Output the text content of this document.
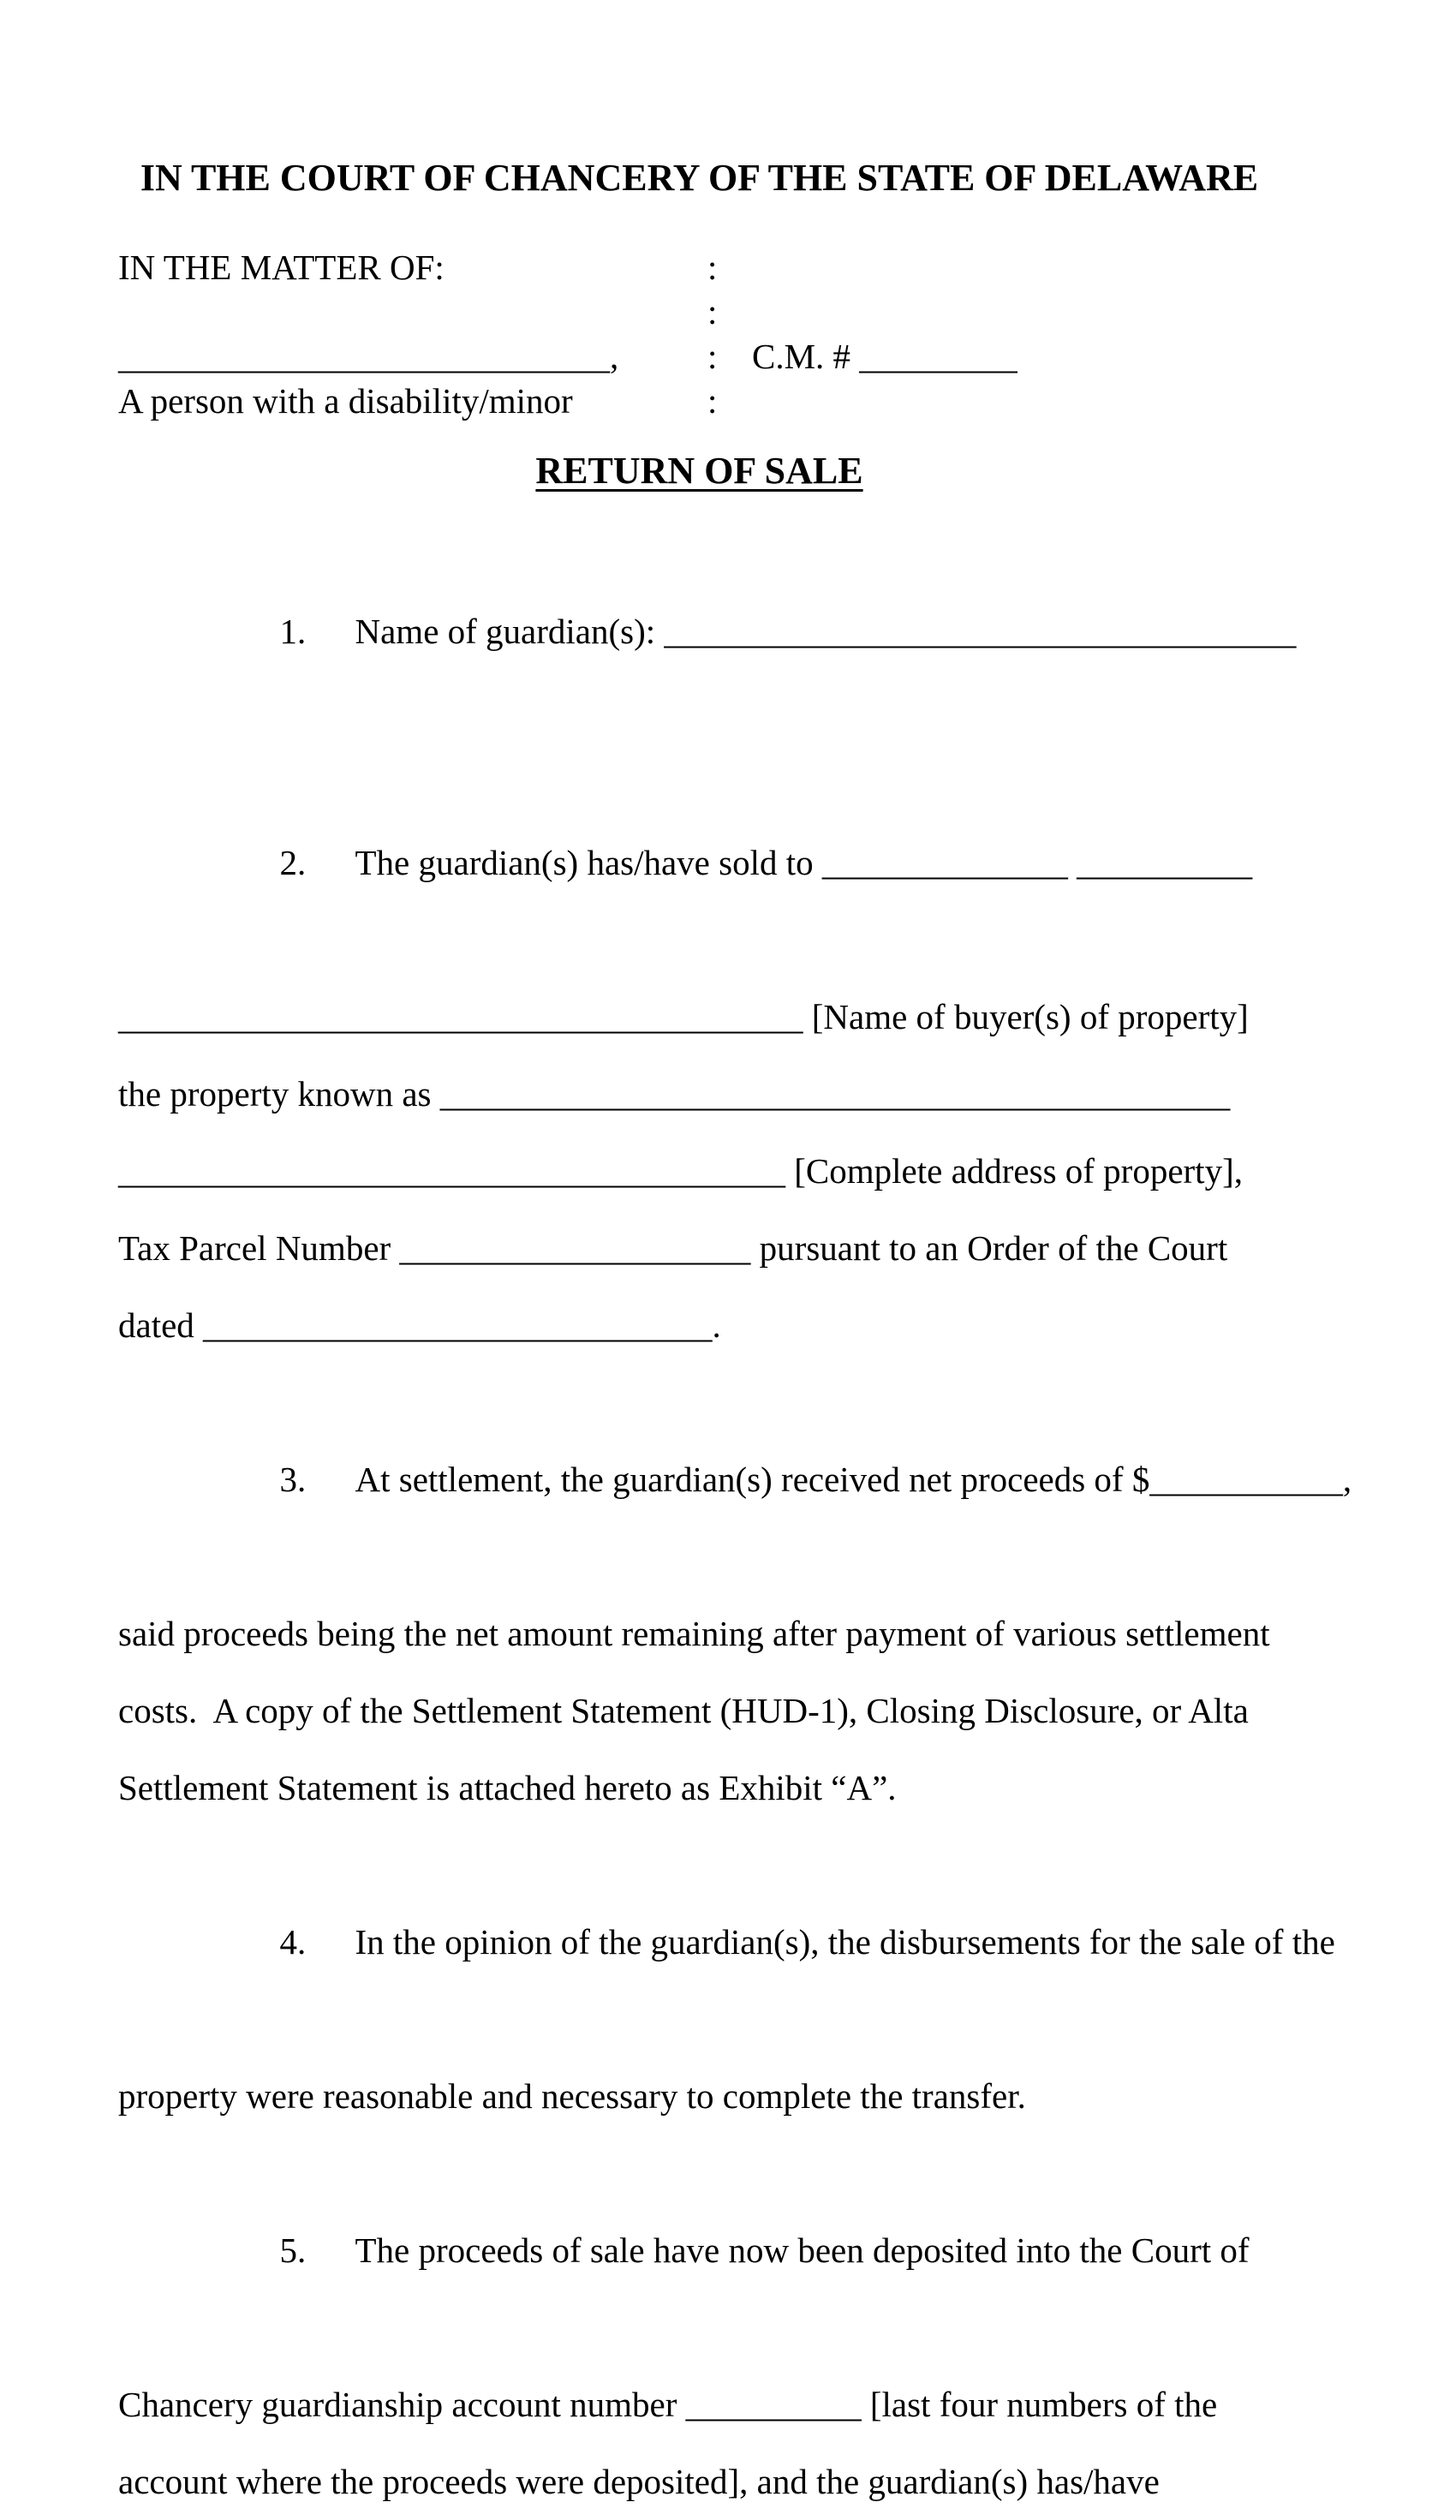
IN THE COURT OF CHANCERY OF THE STATE OF DELAWARE
IN THE MATTER OF:	:
:
____________________________,	: C.M. # _________
A person with a disability/minor	:
RETURN OF SALE

1. Name of guardian(s): ____________________________________

2. The guardian(s) has/have sold to ______________ __________

_______________________________________ [Name of buyer(s) of property]
the property known as _____________________________________________
______________________________________ [Complete address of property],
Tax Parcel Number ____________________ pursuant to an Order of the Court
dated _____________________________.

3. At settlement, the guardian(s) received net proceeds of $___________,

said proceeds being the net amount remaining after payment of various settlement
costs.  A copy of the Settlement Statement (HUD-1), Closing Disclosure, or Alta
Settlement Statement is attached hereto as Exhibit “A”.

4. In the opinion of the guardian(s), the disbursements for the sale of the

property were reasonable and necessary to complete the transfer.

5. The proceeds of sale have now been deposited into the Court of

Chancery guardianship account number __________ [last four numbers of the
account where the proceeds were deposited], and the guardian(s) has/have
